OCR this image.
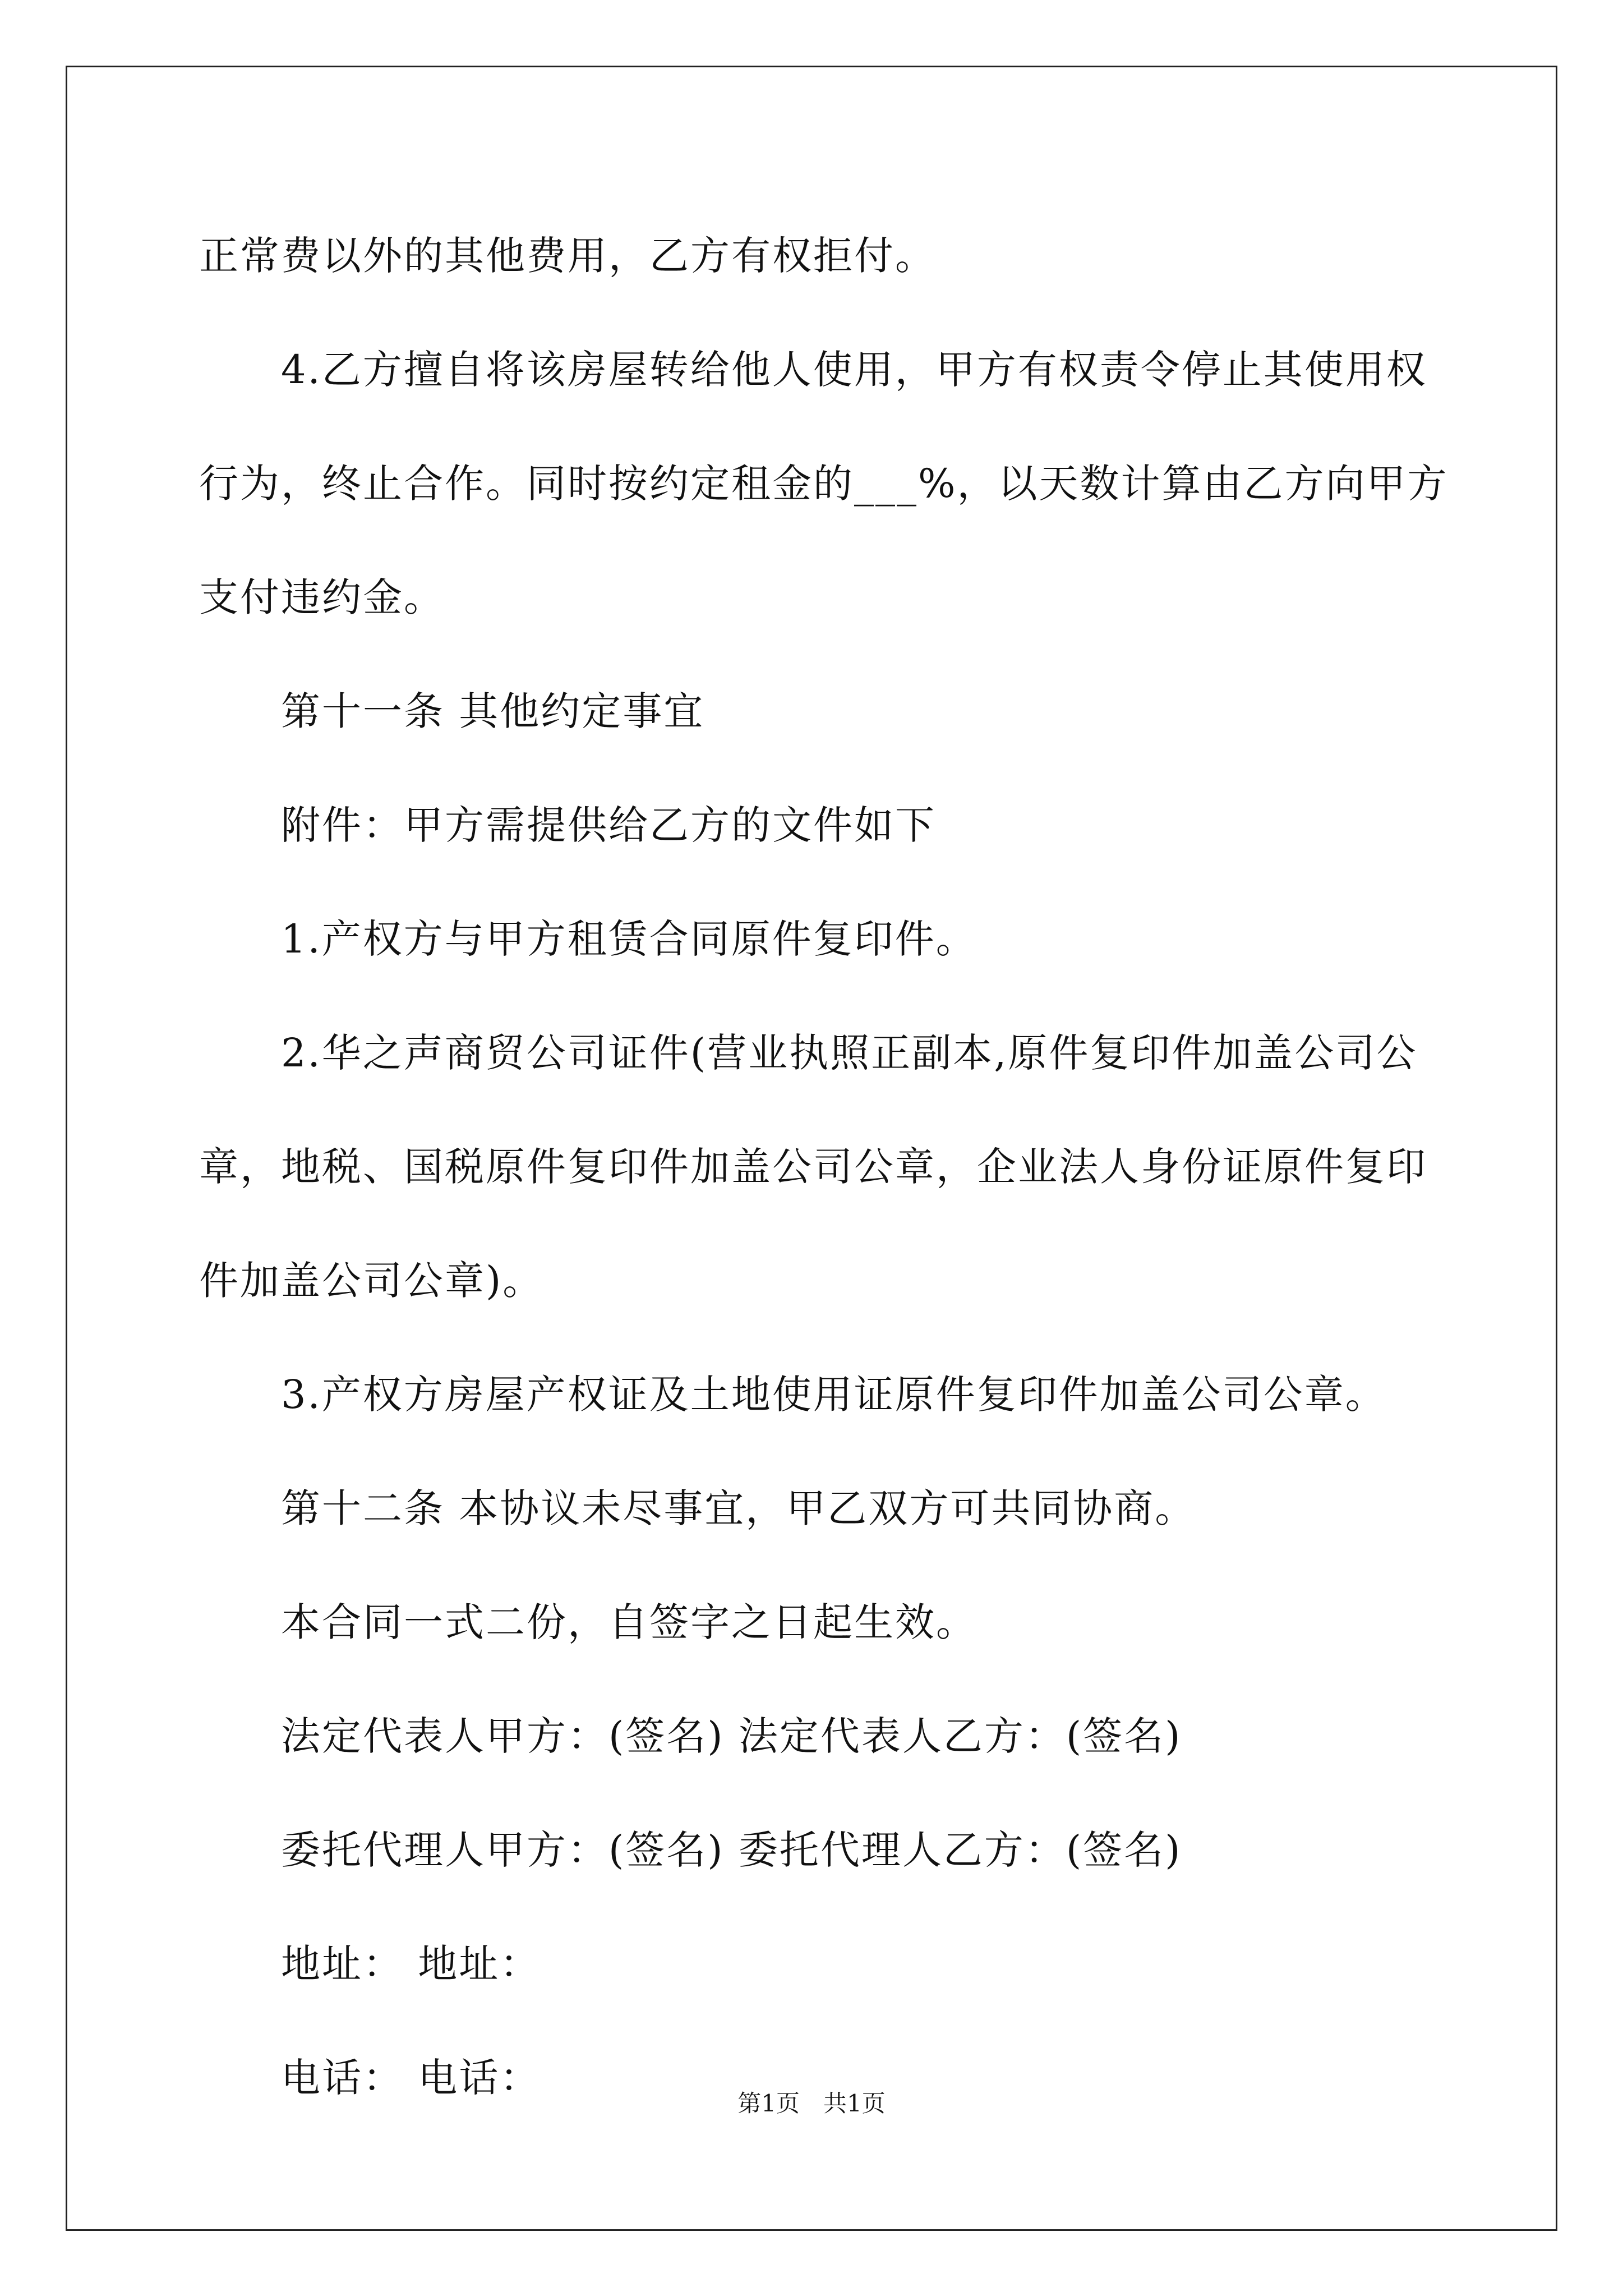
正常费以外的其他费用，乙方有权拒付。

4.乙方擅自将该房屋转给他人使用，甲方有权责令停止其使用权

行为，终止合作。同时按约定租金的___%，以天数计算由乙方向甲方

支付违约金。

第十一条 其他约定事宜

附件：甲方需提供给乙方的文件如下

1.产权方与甲方租赁合同原件复印件。

2.华之声商贸公司证件(营业执照正副本,原件复印件加盖公司公

章，地税、国税原件复印件加盖公司公章，企业法人身份证原件复印

件加盖公司公章)。

3.产权方房屋产权证及土地使用证原件复印件加盖公司公章。

第十二条 本协议未尽事宜，甲乙双方可共同协商。

本合同一式二份，自签字之日起生效。

法定代表人甲方：(签名) 法定代表人乙方：(签名)

委托代理人甲方：(签名) 委托代理人乙方：(签名)

地址： 地址：

电话： 电话：

第1页　共1页
